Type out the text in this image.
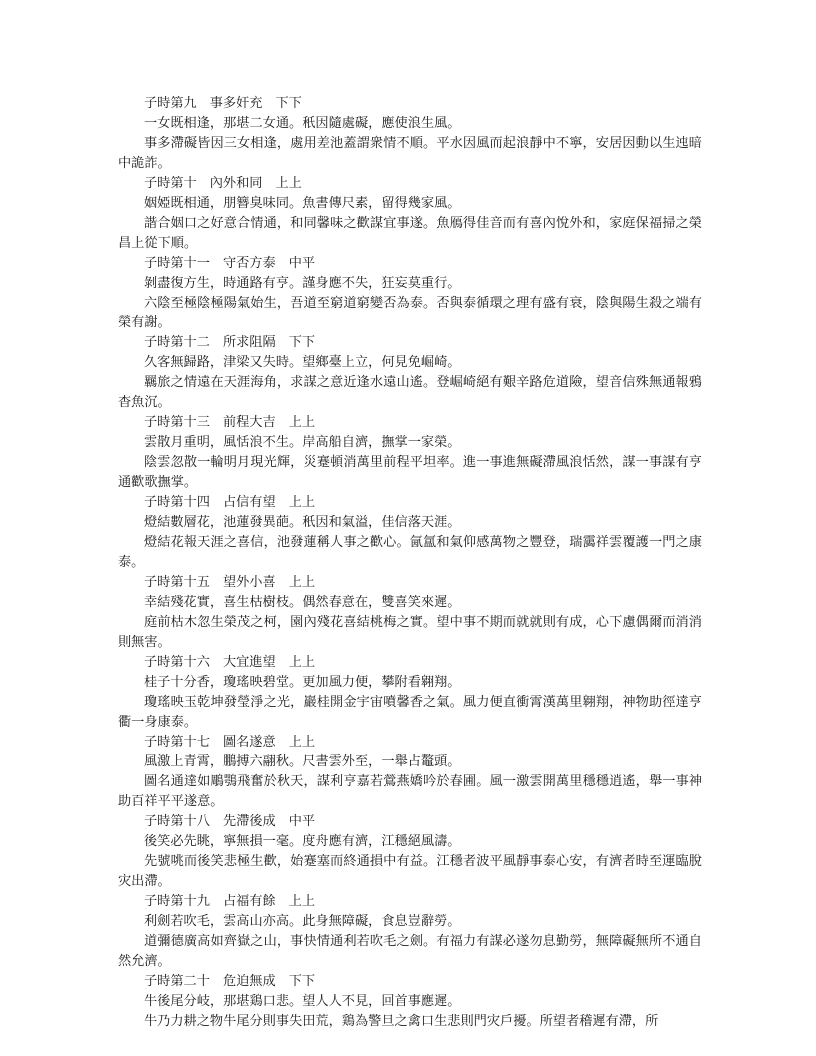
子時第九 事多奸充 下下

一女既相逢，那堪二女通。秖因隨處礙，應使浪生風。

事多滯礙皆因三女相逢，處用差池蓋謂衆情不順。平水因風而起浪靜中不寧，安居因動以生迍暗中詭詐。

子時第十 內外和同 上上

姻婭既相通，朋簪臭味同。魚書傳尺素，留得幾家風。

諧合姻口之好意合情通，和同馨味之歡謀宜事遂。魚鴈得佳音而有喜內悅外和，家庭保福掃之榮昌上從下順。

子時第十一 守否方泰 中平

剝盡復方生，時通路有亨。謹身應不失，狂妄莫重行。

六陰至極陰極陽氣始生，吾道至窮道窮變否為泰。否與泰循環之理有盛有衰，陰與陽生殺之端有榮有謝。

子時第十二 所求阻隔 下下

久客無歸路，津梁又失時。望鄉臺上立，何見免崛崎。

羈旅之情遠在天涯海角，求謀之意近逢水遠山遙。登崛崎絕有艱辛路危道險，望音信殊無通報鴉杳魚沉。

子時第十三 前程大吉 上上

雲散月重明，風恬浪不生。岸高船自濟，撫掌一家榮。

陰雲忽散一輪明月現光輝，災蹇頓消萬里前程平坦率。進一事進無礙滯風浪恬然，謀一事謀有亨通歡歌撫掌。

子時第十四 占信有望 上上

燈結數層花，池蓮發異葩。秖因和氣溢，佳信落天涯。

燈結花報天涯之喜信，池發蓮稱人事之歡心。氤氲和氣仰感萬物之豐登，瑞靄祥雲覆護一門之康泰。

子時第十五 望外小喜 上上

幸結殘花實，喜生枯樹枝。偶然春意在，雙喜笑來遲。

庭前枯木忽生榮茂之柯，園內殘花喜結桃梅之實。望中事不期而就就則有成，心下慮偶爾而消消則無害。

子時第十六 大宜進望 上上

桂子十分香，瓊瑤映碧堂。更加風力便，攀附看翱翔。

瓊瑤映玉乾坤發瑩淨之光，巖桂開金宇宙噴馨香之氣。風力便直衝霄漢萬里翱翔，神物助徑達亨衢一身康泰。

子時第十七 圖名遂意 上上

風激上青霄，鵬搏六翮秋。尺書雲外至，一舉占鼇頭。

圖名通達如鵰鶚飛奮於秋天，謀利亨嘉若鶯燕嬌吟於春圃。風一激雲開萬里穩穩逍遙，舉一事神助百祥平平遂意。

子時第十八 先滯後成 中平

後笑必先眺，寧無損一毫。度舟應有濟，江穩絕風濤。

先號咷而後笑悲極生歡，始蹇塞而終通損中有益。江穩者波平風靜事泰心安，有濟者時至運臨脫灾出滯。

子時第十九 占福有餘 上上

利劍若吹毛，雲高山亦高。此身無障礙，食息豈辭勞。

道彌德廣高如齊嶽之山，事快情通利若吹毛之劍。有福力有謀必遂勿息勤勞，無障礙無所不通自然允濟。

子時第二十 危迫無成 下下

牛後尾分岐，那堪鶏口悲。望人人不見，回首事應遲。

牛乃力耕之物牛尾分則事失田荒，鶏為警旦之禽口生悲則門灾戶擾。所望者稽遲有滯，所
